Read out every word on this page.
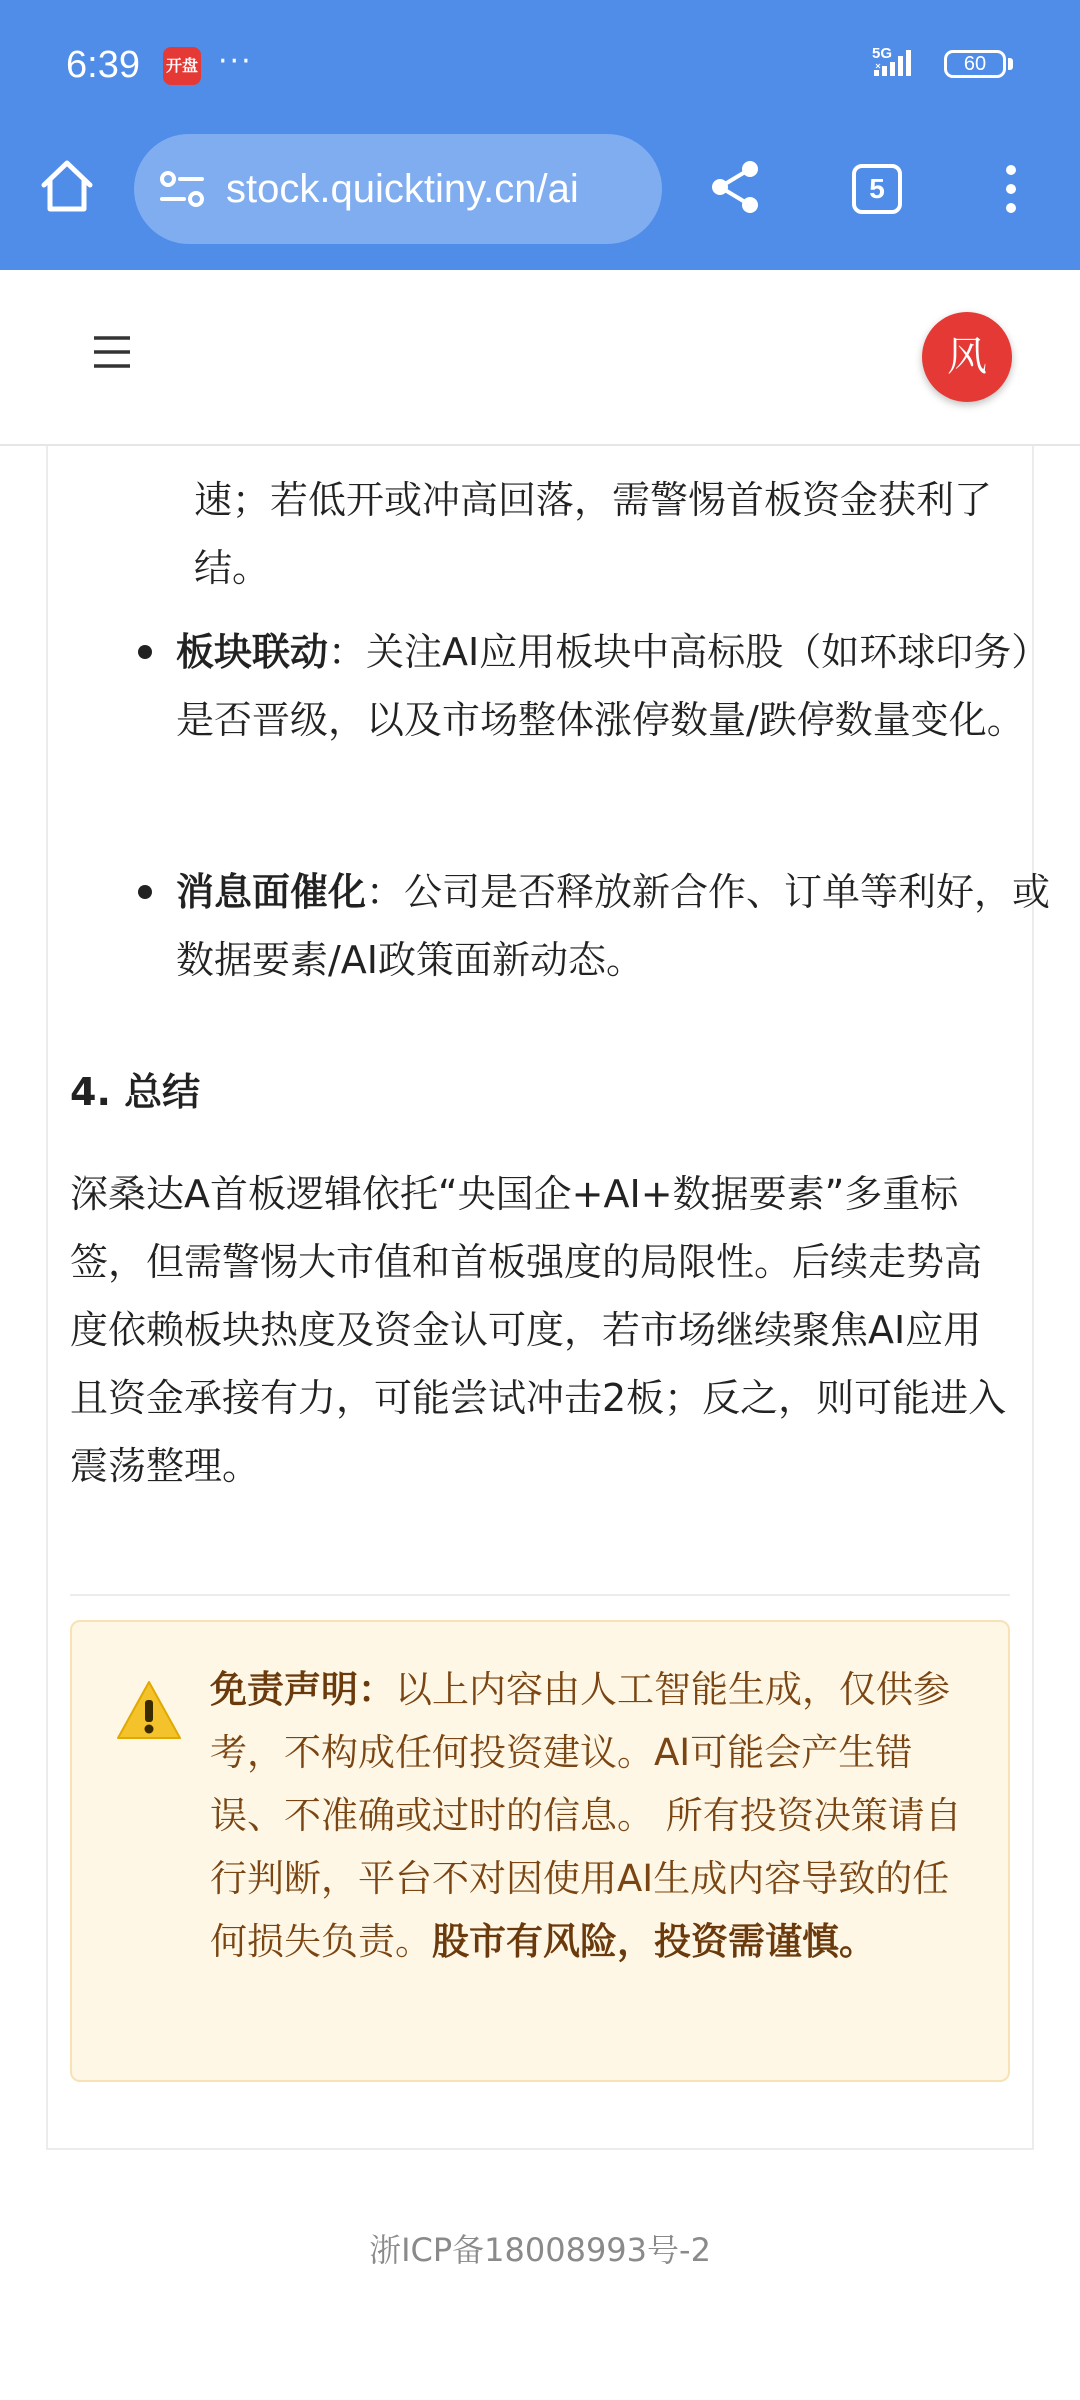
6:39 开盘 ···	5G	60
stock.quicktiny.cn/ai	5
风

速；若低开或冲高回落，需警惕首板资金获利了结。

板块联动：关注AI应用板块中高标股（如环球印务）是否晋级，以及市场整体涨停数量/跌停数量变化。
消息面催化：公司是否释放新合作、订单等利好，或数据要素/AI政策面新动态。
4. 总结

深桑达A首板逻辑依托“央国企+AI+数据要素”多重标签，但需警惕大市值和首板强度的局限性。后续走势高度依赖板块热度及资金认可度，若市场继续聚焦AI应用且资金承接有力，可能尝试冲击2板；反之，则可能进入震荡整理。

免责声明：以上内容由人工智能生成，仅供参考，不构成任何投资建议。AI可能会产生错误、不准确或过时的信息。 所有投资决策请自行判断，平台不对因使用AI生成内容导致的任何损失负责。股市有风险，投资需谨慎。

浙ICP备18008993号-2
